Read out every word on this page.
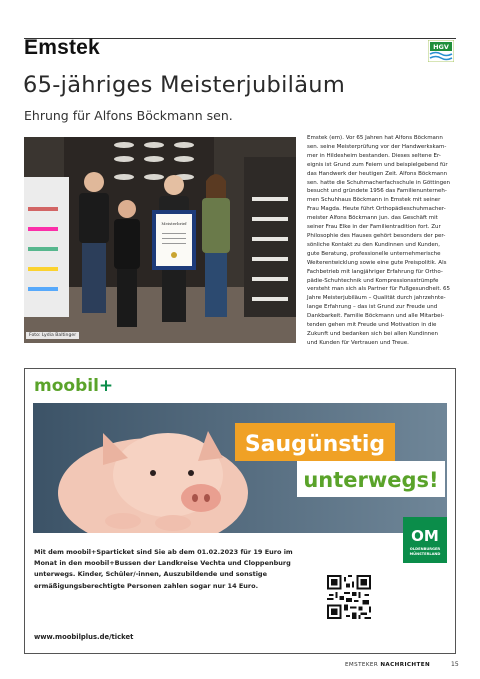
Emstek	HGV
65-jähriges Meisterjubiläum
Ehrung für Alfons Böckmann sen.
Meisterbrief
Foto: Lydia Baltinger
Emstek (em). Vor 65 Jahren hat Alfons Böckmann
sen. seine Meisterprüfung vor der Handwerkskam-
mer in Hildesheim bestanden. Dieses seltene Er-
eignis ist Grund zum Feiern und beispielgebend für
das Handwerk der heutigen Zeit. Alfons Böckmann
sen. hatte die Schuhmacherfachschule in Göttingen
besucht und gründete 1956 das Familienunterneh-
men Schuhhaus Böckmann in Emstek mit seiner
Frau Magda. Heute führt Orthopädieschuhmacher-
meister Alfons Böckmann jun. das Geschäft mit
seiner Frau Elke in der Familientradition fort. Zur
Philosophie des Hauses gehört besonders der per-
sönliche Kontakt zu den Kundinnen und Kunden,
gute Beratung, professionelle unternehmerische
Weiterentwicklung sowie eine gute Preispolitik. Als
Fachbetrieb mit langjähriger Erfahrung für Ortho-
pädie-Schuhtechnik und Kompressionsstrümpfe
versteht man sich als Partner für Fußgesundheit. 65
Jahre Meisterjubiläum – Qualität durch jahrzehnte-
lange Erfahrung – das ist Grund zur Freude und
Dankbarkeit. Familie Böckmann und alle Mitarbei-
tenden gehen mit Freude und Motivation in die
Zukunft und bedanken sich bei allen Kundinnen
und Kunden für Vertrauen und Treue.
moobil+
Saugünstig
unterwegs!
OM
OLDENBURGER
MÜNSTERLAND
Mit dem moobil+Sparticket sind Sie ab dem 01.02.2023 für 19 Euro im
Monat in den moobil+Bussen der Landkreise Vechta und Cloppenburg
unterwegs. Kinder, Schüler/-innen, Auszubildende und sonstige
ermäßigungsberechtigte Personen zahlen sogar nur 14 Euro.
www.moobilplus.de/ticket
EMSTEKER NACHRICHTEN	15
